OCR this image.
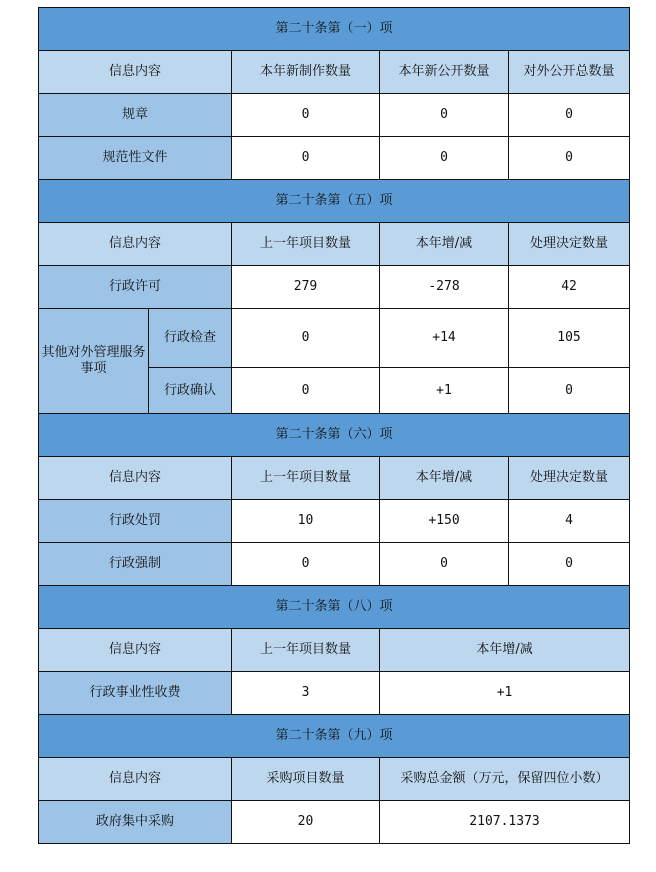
第二十条第（一）项				
信息内容		本年新制作数量	本年新公开数量	对外公开总数量
规章		0	0	0
规范性文件		0	0	0
第二十条第（五）项				
信息内容		上一年项目数量	本年增/减	处理决定数量
行政许可		279	-278	42
其他对外管理服务事项	行政检查	0	+14	105
	行政确认	0	+1	0
第二十条第（六）项				
信息内容		上一年项目数量	本年增/减	处理决定数量
行政处罚		10	+150	4
行政强制		0	0	0
第二十条第（八）项				
信息内容		上一年项目数量	本年增/减	
行政事业性收费		3	+1	
第二十条第（九）项				
信息内容		采购项目数量	采购总金额（万元，保留四位小数）	
政府集中采购		20	2107.1373	
